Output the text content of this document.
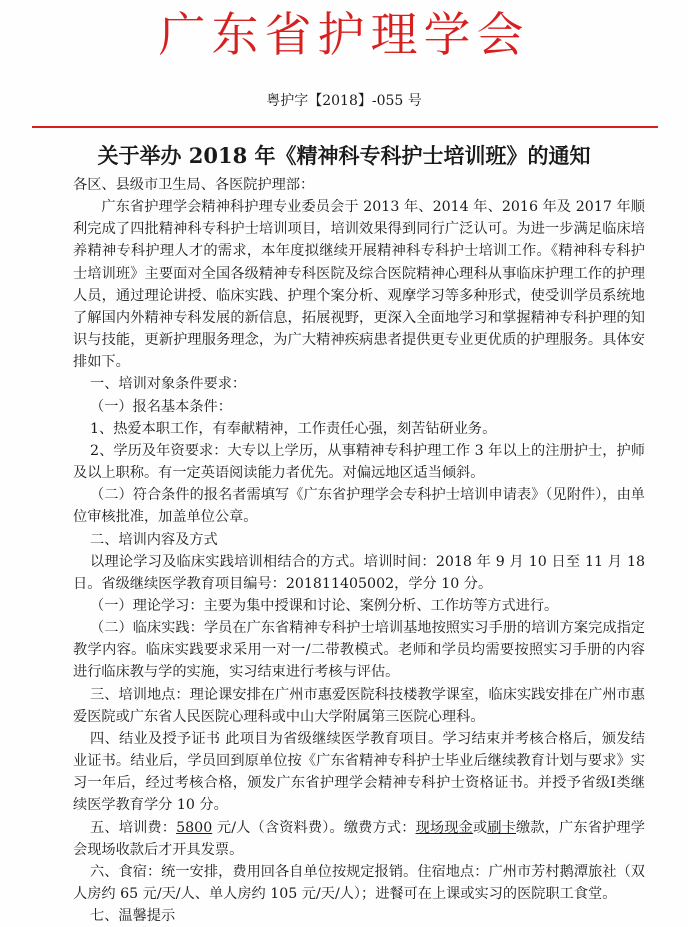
广东省护理学会
粤护字【2018】-055 号
关于举办 2018 年《精神科专科护士培训班》的通知

各区、县级市卫生局、各医院护理部：

广东省护理学会精神科护理专业委员会于 2013 年、2014 年、2016 年及 2017 年顺利完成了四批精神科专科护士培训项目，培训效果得到同行广泛认可。为进一步满足临床培养精神专科护理人才的需求，本年度拟继续开展精神科专科护士培训工作。《精神科专科护士培训班》主要面对全国各级精神专科医院及综合医院精神心理科从事临床护理工作的护理人员，通过理论讲授、临床实践、护理个案分析、观摩学习等多种形式，使受训学员系统地了解国内外精神专科发展的新信息，拓展视野，更深入全面地学习和掌握精神专科护理的知识与技能，更新护理服务理念，为广大精神疾病患者提供更专业更优质的护理服务。具体安排如下。

一、培训对象条件要求：

（一）报名基本条件：

1、热爱本职工作，有奉献精神，工作责任心强，刻苦钻研业务。

2、学历及年资要求：大专以上学历，从事精神专科护理工作 3 年以上的注册护士，护师及以上职称。有一定英语阅读能力者优先。对偏远地区适当倾斜。

（二）符合条件的报名者需填写《广东省护理学会专科护士培训申请表》（见附件），由单位审核批准，加盖单位公章。

二、培训内容及方式

以理论学习及临床实践培训相结合的方式。培训时间：2018 年 9 月 10 日至 11 月 18 日。省级继续医学教育项目编号：201811405002，学分 10 分。

（一）理论学习：主要为集中授课和讨论、案例分析、工作坊等方式进行。

（二）临床实践：学员在广东省精神专科护士培训基地按照实习手册的培训方案完成指定教学内容。临床实践要求采用一对一/二带教模式。老师和学员均需要按照实习手册的内容进行临床教与学的实施，实习结束进行考核与评估。

三、培训地点：理论课安排在广州市惠爱医院科技楼教学课室，临床实践安排在广州市惠爱医院或广东省人民医院心理科或中山大学附属第三医院心理科。

四、结业及授予证书 此项目为省级继续医学教育项目。学习结束并考核合格后，颁发结业证书。结业后，学员回到原单位按《广东省精神专科护士毕业后继续教育计划与要求》实习一年后，经过考核合格，颁发广东省护理学会精神专科护士资格证书。并授予省级Ⅰ类继续医学教育学分 10 分。

五、培训费：5800 元/人（含资料费）。缴费方式：现场现金或刷卡缴款，广东省护理学会现场收款后才开具发票。

六、食宿：统一安排，费用回各自单位按规定报销。住宿地点：广州市芳村鹅潭旅社（双人房约 65 元/天/人、单人房约 105 元/天/人）；进餐可在上课或实习的医院职工食堂。

七、温馨提示
